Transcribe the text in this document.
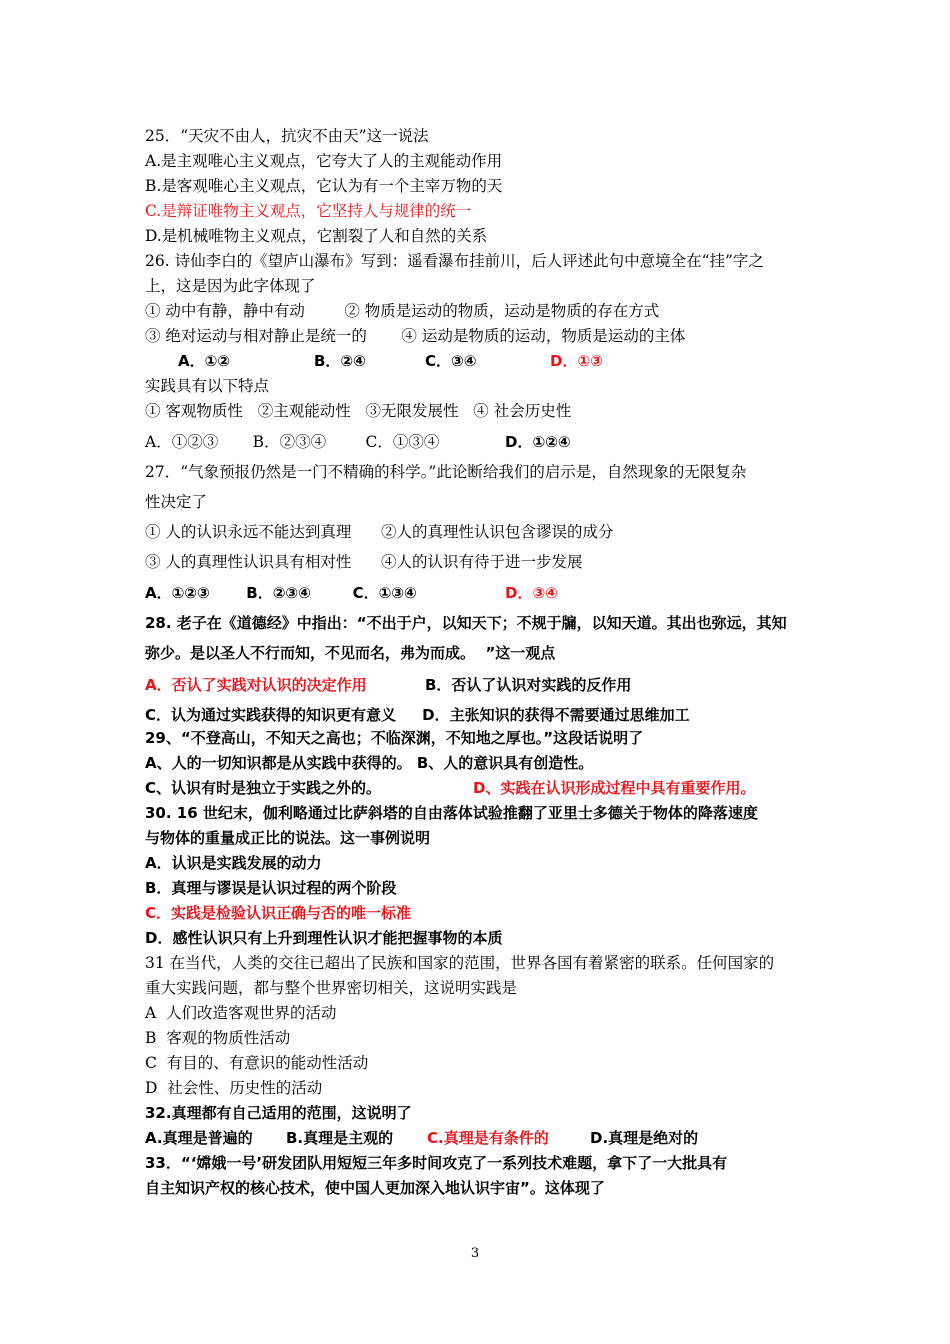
25．“天灾不由人，抗灾不由天”这一说法
A.是主观唯心主义观点，它夸大了人的主观能动作用
B.是客观唯心主义观点，它认为有一个主宰万物的天
C.是辩证唯物主义观点，它坚持人与规律的统一
D.是机械唯物主义观点，它割裂了人和自然的关系
26. 诗仙李白的《望庐山瀑布》写到：遥看瀑布挂前川，后人评述此句中意境全在“挂”字之
上，这是因为此字体现了
① 动中有静，静中有动        ② 物质是运动的物质，运动是物质的存在方式
③ 绝对运动与相对静止是统一的       ④ 运动是物质的运动，物质是运动的主体
A．①②	B．②④	C．③④	D．①③
实践具有以下特点
① 客观物质性   ②主观能动性   ③无限发展性   ④ 社会历史性
A．①②③       B．②③④        C．①③④	D．①②④
27．“气象预报仍然是一门不精确的科学。”此论断给我们的启示是，自然现象的无限复杂
性决定了
① 人的认识永远不能达到真理      ②人的真理性认识包含谬误的成分
③ 人的真理性认识具有相对性      ④人的认识有待于进一步发展
A．①②③       B．②③④        C．①③④	D．③④
28. 老子在《道德经》中指出：“不出于户，以知天下；不规于牖，以知天道。其出也弥远，其知
弥少。是以圣人不行而知，不见而名，弗为而成。  ”这一观点
A．否认了实践对认识的决定作用	B．否认了认识对实践的反作用
C．认为通过实践获得的知识更有意义     D．主张知识的获得不需要通过思维加工
29、“不登高山，不知天之高也；不临深渊，不知地之厚也。”这段话说明了
A、人的一切知识都是从实践中获得的。 B、人的意识具有创造性。
C、认识有时是独立于实践之外的。	D、实践在认识形成过程中具有重要作用。
30. 16 世纪末，伽利略通过比萨斜塔的自由落体试验推翻了亚里士多德关于物体的降落速度
与物体的重量成正比的说法。这一事例说明
A．认识是实践发展的动力
B．真理与谬误是认识过程的两个阶段
C．实践是检验认识正确与否的唯一标准
D．感性认识只有上升到理性认识才能把握事物的本质
31 在当代，人类的交往已超出了民族和国家的范围，世界各国有着紧密的联系。任何国家的
重大实践问题，都与整个世界密切相关，这说明实践是
A  人们改造客观世界的活动
B  客观的物质性活动
C  有目的、有意识的能动性活动
D  社会性、历史性的活动
32.真理都有自己适用的范围，这说明了
A.真理是普遍的 B.真理是主观的 C.真理是有条件的	D.真理是绝对的
33．“‘嫦娥一号’研发团队用短短三年多时间攻克了一系列技术难题，拿下了一大批具有
自主知识产权的核心技术，使中国人更加深入地认识宇宙”。这体现了
3
